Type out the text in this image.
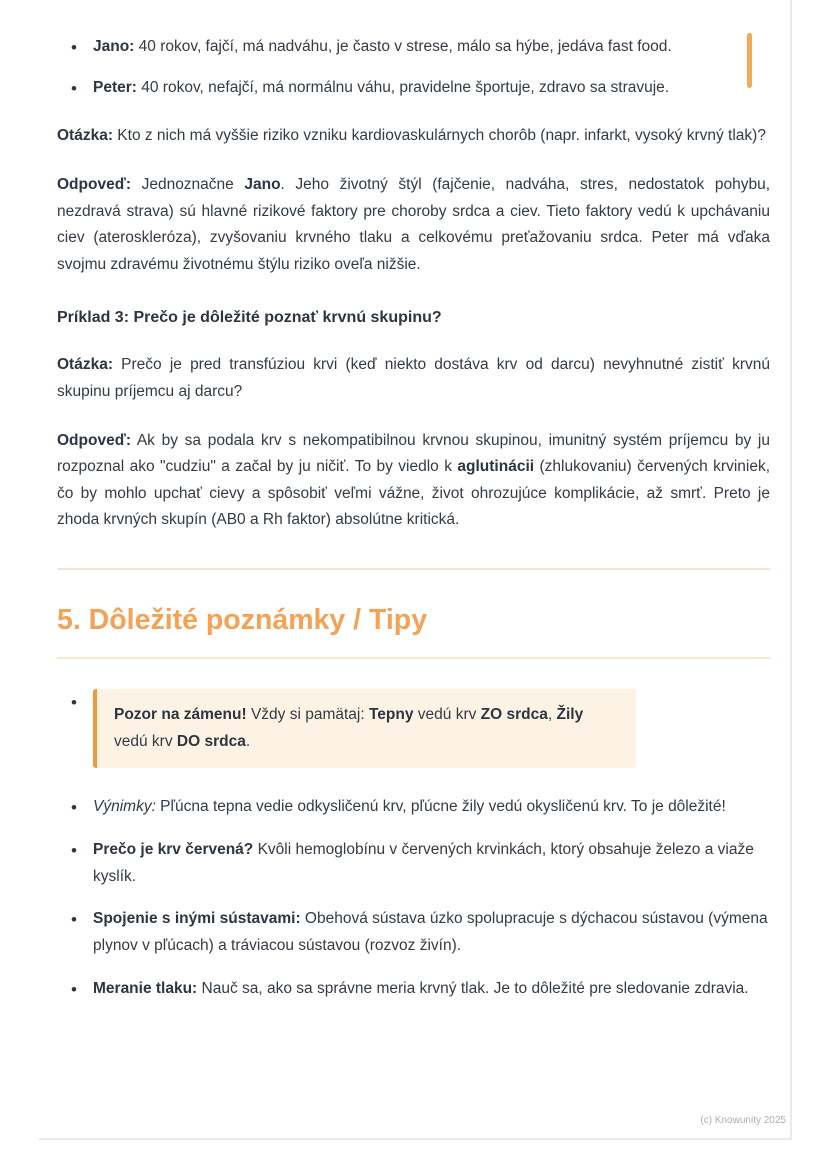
• Jano: 40 rokov, fajčí, má nadváhu, je často v strese, málo sa hýbe, jedáva fast food.
• Peter: 40 rokov, nefajčí, má normálnu váhu, pravidelne športuje, zdravo sa stravuje.

Otázka: Kto z nich má vyššie riziko vzniku kardiovaskulárnych chorôb (napr. infarkt, vysoký krvný tlak)?

Odpoveď: Jednoznačne Jano. Jeho životný štýl (fajčenie, nadváha, stres, nedostatok pohybu, nezdravá strava) sú hlavné rizikové faktory pre choroby srdca a ciev. Tieto faktory vedú k upchávaniu ciev (ateroskleróza), zvyšovaniu krvného tlaku a celkovému preťažovaniu srdca. Peter má vďaka svojmu zdravému životnému štýlu riziko oveľa nižšie.

Príklad 3: Prečo je dôležité poznať krvnú skupinu?

Otázka: Prečo je pred transfúziou krvi (keď niekto dostáva krv od darcu) nevyhnutné zistiť krvnú skupinu príjemcu aj darcu?

Odpoveď: Ak by sa podala krv s nekompatibilnou krvnou skupinou, imunitný systém príjemcu by ju rozpoznal ako "cudziu" a začal by ju ničiť. To by viedlo k aglutinácii (zhlukovaniu) červených krviniek, čo by mohlo upchať cievy a spôsobiť veľmi vážne, život ohrozujúce komplikácie, až smrť. Preto je zhoda krvných skupín (AB0 a Rh faktor) absolútne kritická.

5. Dôležité poznámky / Tipy
• Pozor na zámenu! Vždy si pamätaj: Tepny vedú krv ZO srdca, Žily vedú krv DO srdca.
• Výnimky: Pľúcna tepna vedie odkysličenú krv, pľúcne žily vedú okysličenú krv. To je dôležité!
• Prečo je krv červená? Kvôli hemoglobínu v červených krvinkách, ktorý obsahuje železo a viaže kyslík.
• Spojenie s inými sústavami: Obehová sústava úzko spolupracuje s dýchacou sústavou (výmena plynov v pľúcach) a tráviacou sústavou (rozvoz živín).
• Meranie tlaku: Nauč sa, ako sa správne meria krvný tlak. Je to dôležité pre sledovanie zdravia.
(c) Knowunity 2025
